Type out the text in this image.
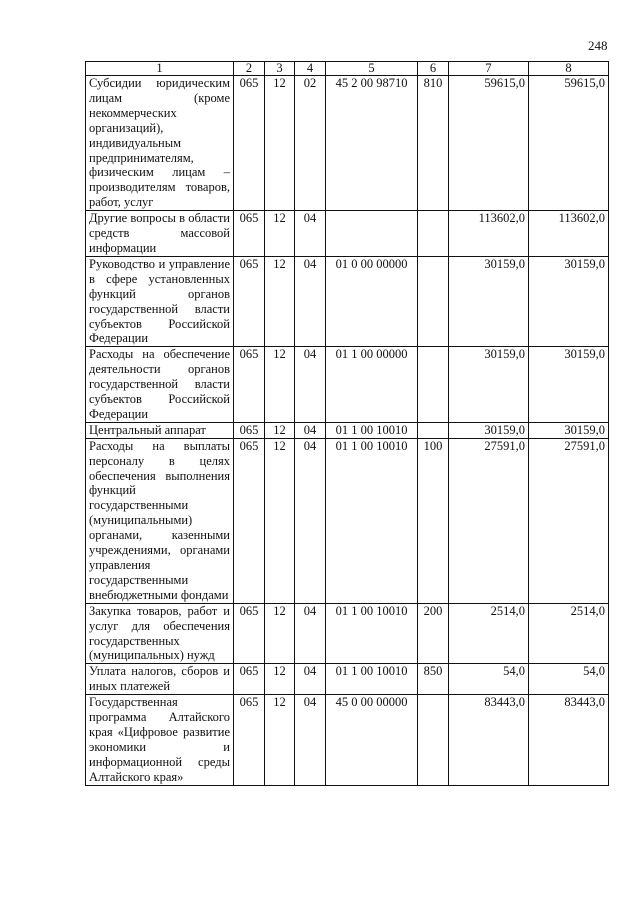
248
1	2	3	4	5	6	7	8
Субсидии юридическим лицам (кроме некоммерческих организаций), индивидуальным предпринимателям, физическим лицам – производителям товаров, работ, услуг	065	12	02	45 2 00 98710	810	59615,0	59615,0
Другие вопросы в области средств массовой информации	065	12	04			113602,0	113602,0
Руководство и управление в сфере установленных функций органов государственной власти субъектов Российской Федерации	065	12	04	01 0 00 00000		30159,0	30159,0
Расходы на обеспечение деятельности органов государственной власти субъектов Российской Федерации	065	12	04	01 1 00 00000		30159,0	30159,0
Центральный аппарат	065	12	04	01 1 00 10010		30159,0	30159,0
Расходы на выплаты персоналу в целях обеспечения выполнения функций государственными (муниципальными) органами, казенными учреждениями, органами управления государственными внебюджетными фондами	065	12	04	01 1 00 10010	100	27591,0	27591,0
Закупка товаров, работ и услуг для обеспечения государственных (муниципальных) нужд	065	12	04	01 1 00 10010	200	2514,0	2514,0
Уплата налогов, сборов и иных платежей	065	12	04	01 1 00 10010	850	54,0	54,0
Государственная программа Алтайского края «Цифровое развитие экономики и информационной среды Алтайского края»	065	12	04	45 0 00 00000		83443,0	83443,0
